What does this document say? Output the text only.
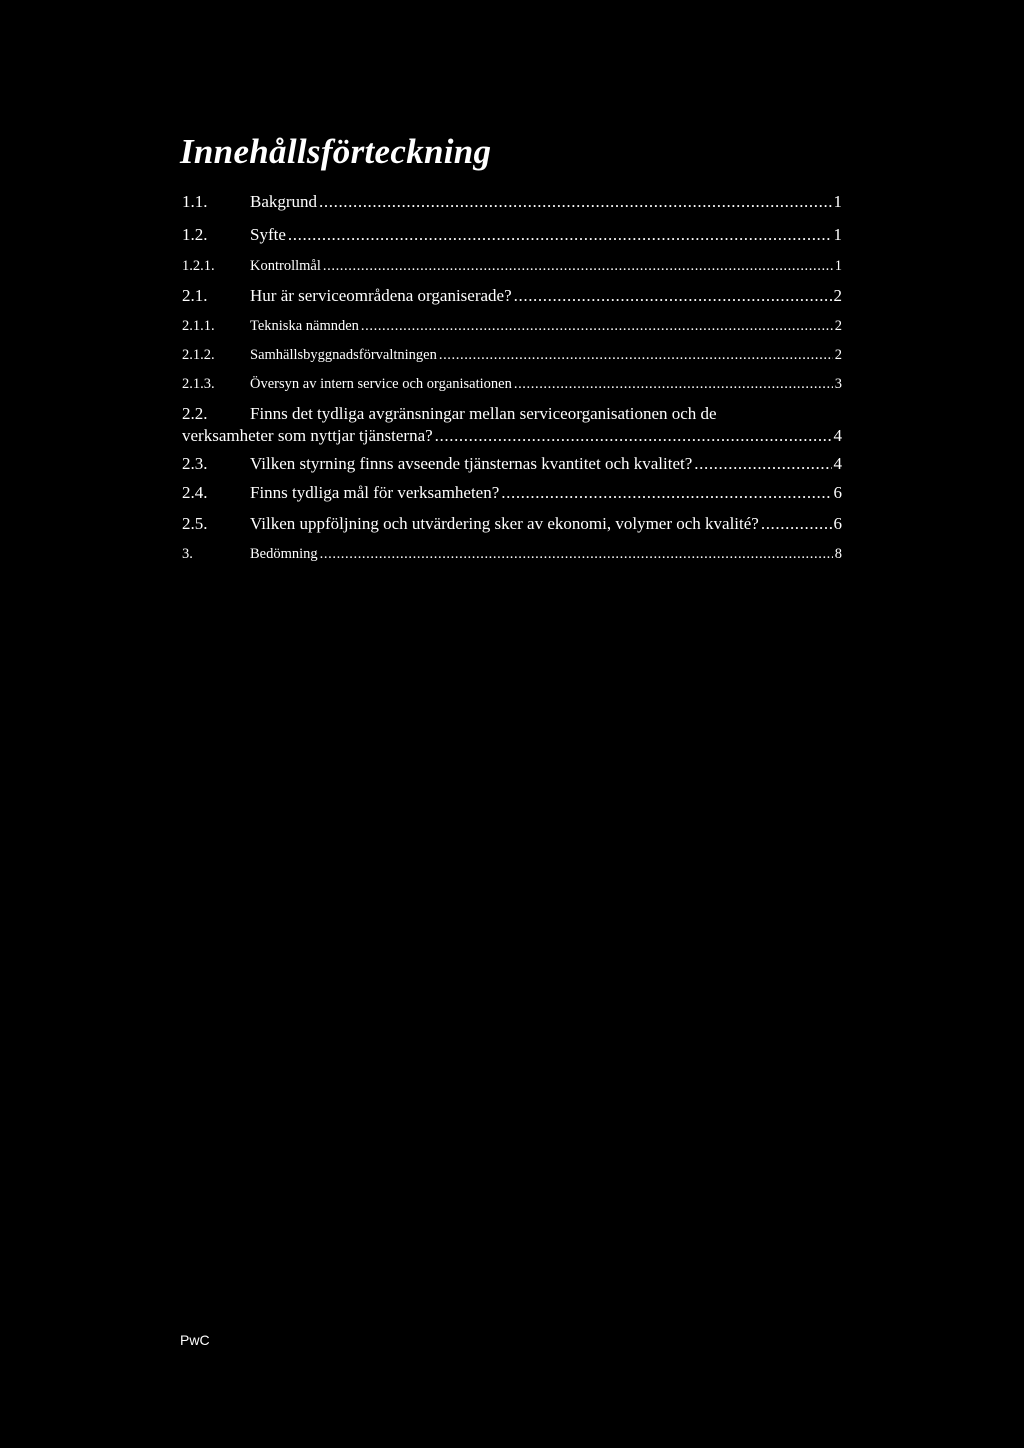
Innehållsförteckning
1.1.	Bakgrund .....	1
1.2.	Syfte .....	1
1.2.1.	Kontrollmål .....	1
2.1.	Hur är serviceområdena organiserade? .....	2
2.1.1.	Tekniska nämnden .....	2
2.1.2.	Samhällsbyggnadsförvaltningen .....	2
2.1.3.	Översyn av intern service och organisationen .....	3
2.2.	Finns det tydliga avgränsningar mellan serviceorganisationen och de
verksamheter som nyttjar tjänsterna? .....	4
2.3.	Vilken styrning finns avseende tjänsternas kvantitet och kvalitet? .....	4
2.4.	Finns tydliga mål för verksamheten? .....	6
2.5.	Vilken uppföljning och utvärdering sker av ekonomi, volymer och kvalité? .....	6
3.	Bedömning .....	8
PwC
